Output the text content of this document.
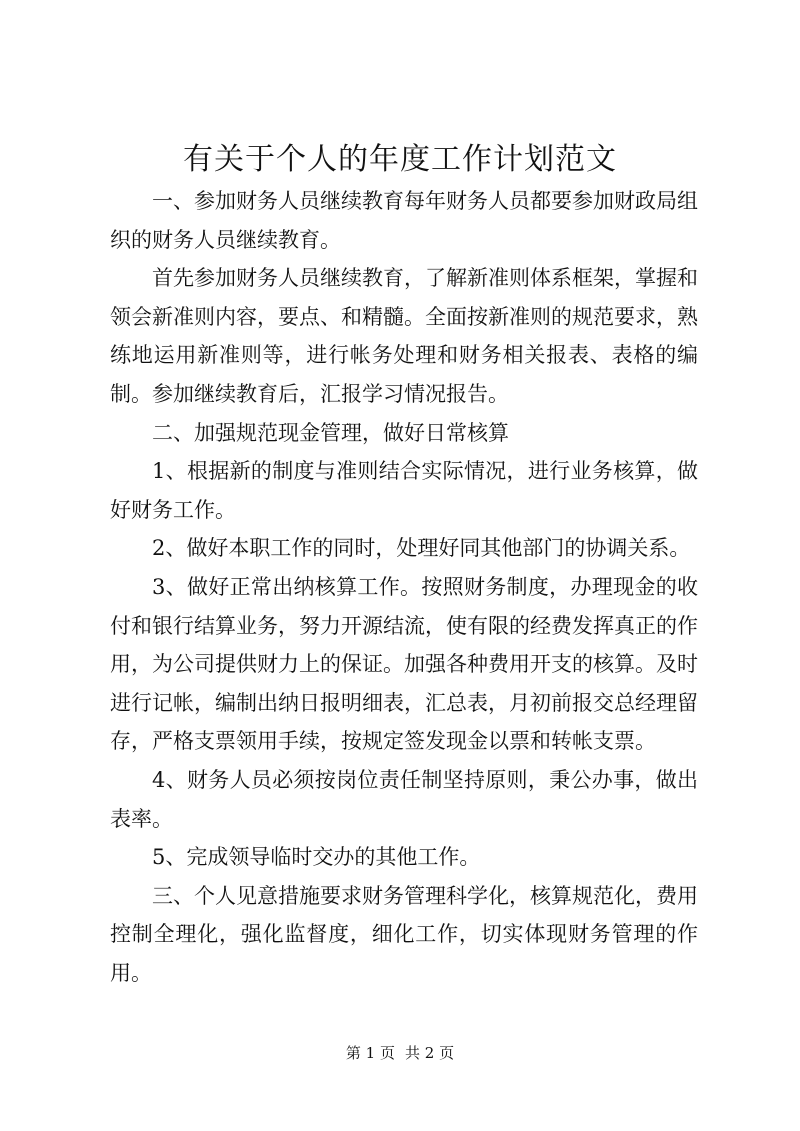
有关于个人的年度工作计划范文

一、参加财务人员继续教育每年财务人员都要参加财政局组织的财务人员继续教育。

首先参加财务人员继续教育，了解新准则体系框架，掌握和领会新准则内容，要点、和精髓。全面按新准则的规范要求，熟练地运用新准则等，进行帐务处理和财务相关报表、表格的编制。参加继续教育后，汇报学习情况报告。

二、加强规范现金管理，做好日常核算

1、根据新的制度与准则结合实际情况，进行业务核算，做好财务工作。

2、做好本职工作的同时，处理好同其他部门的协调关系。

3、做好正常出纳核算工作。按照财务制度，办理现金的收付和银行结算业务，努力开源结流，使有限的经费发挥真正的作用，为公司提供财力上的保证。加强各种费用开支的核算。及时进行记帐，编制出纳日报明细表，汇总表，月初前报交总经理留存，严格支票领用手续，按规定签发现金以票和转帐支票。

4、财务人员必须按岗位责任制坚持原则，秉公办事，做出表率。

5、完成领导临时交办的其他工作。

三、个人见意措施要求财务管理科学化，核算规范化，费用控制全理化，强化监督度，细化工作，切实体现财务管理的作用。

第 1 页 共 2 页
